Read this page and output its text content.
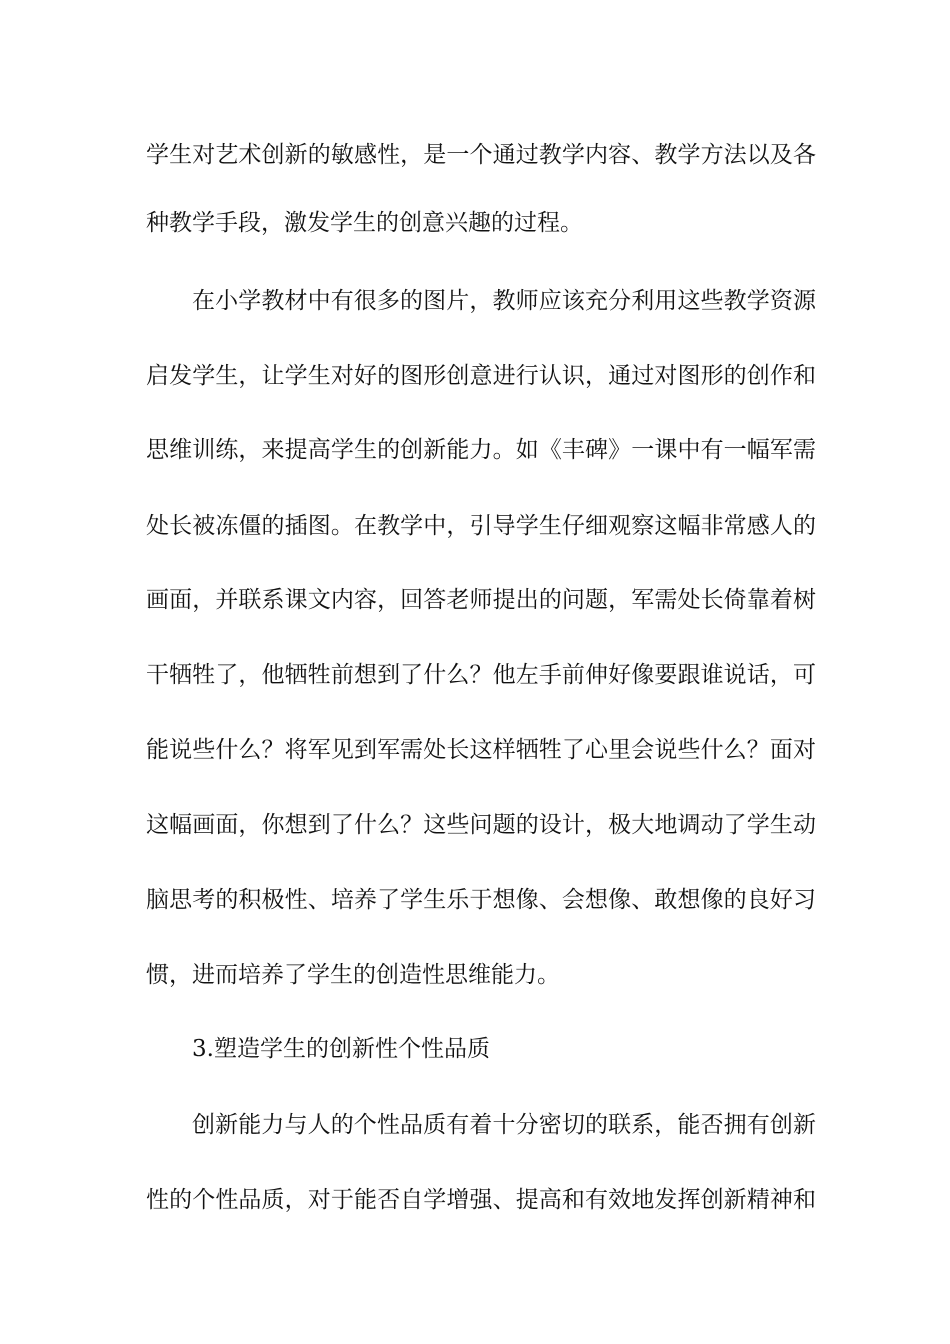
学生对艺术创新的敏感性，是一个通过教学内容、教学方法以及各
种教学手段，激发学生的创意兴趣的过程。
在小学教材中有很多的图片，教师应该充分利用这些教学资源
启发学生，让学生对好的图形创意进行认识，通过对图形的创作和
思维训练，来提高学生的创新能力。如《丰碑》一课中有一幅军需
处长被冻僵的插图。在教学中，引导学生仔细观察这幅非常感人的
画面，并联系课文内容，回答老师提出的问题，军需处长倚靠着树
干牺牲了，他牺牲前想到了什么？他左手前伸好像要跟谁说话，可
能说些什么？将军见到军需处长这样牺牲了心里会说些什么？面对
这幅画面，你想到了什么？这些问题的设计，极大地调动了学生动
脑思考的积极性、培养了学生乐于想像、会想像、敢想像的良好习
惯，进而培养了学生的创造性思维能力。
3.塑造学生的创新性个性品质
创新能力与人的个性品质有着十分密切的联系，能否拥有创新
性的个性品质，对于能否自学增强、提高和有效地发挥创新精神和
